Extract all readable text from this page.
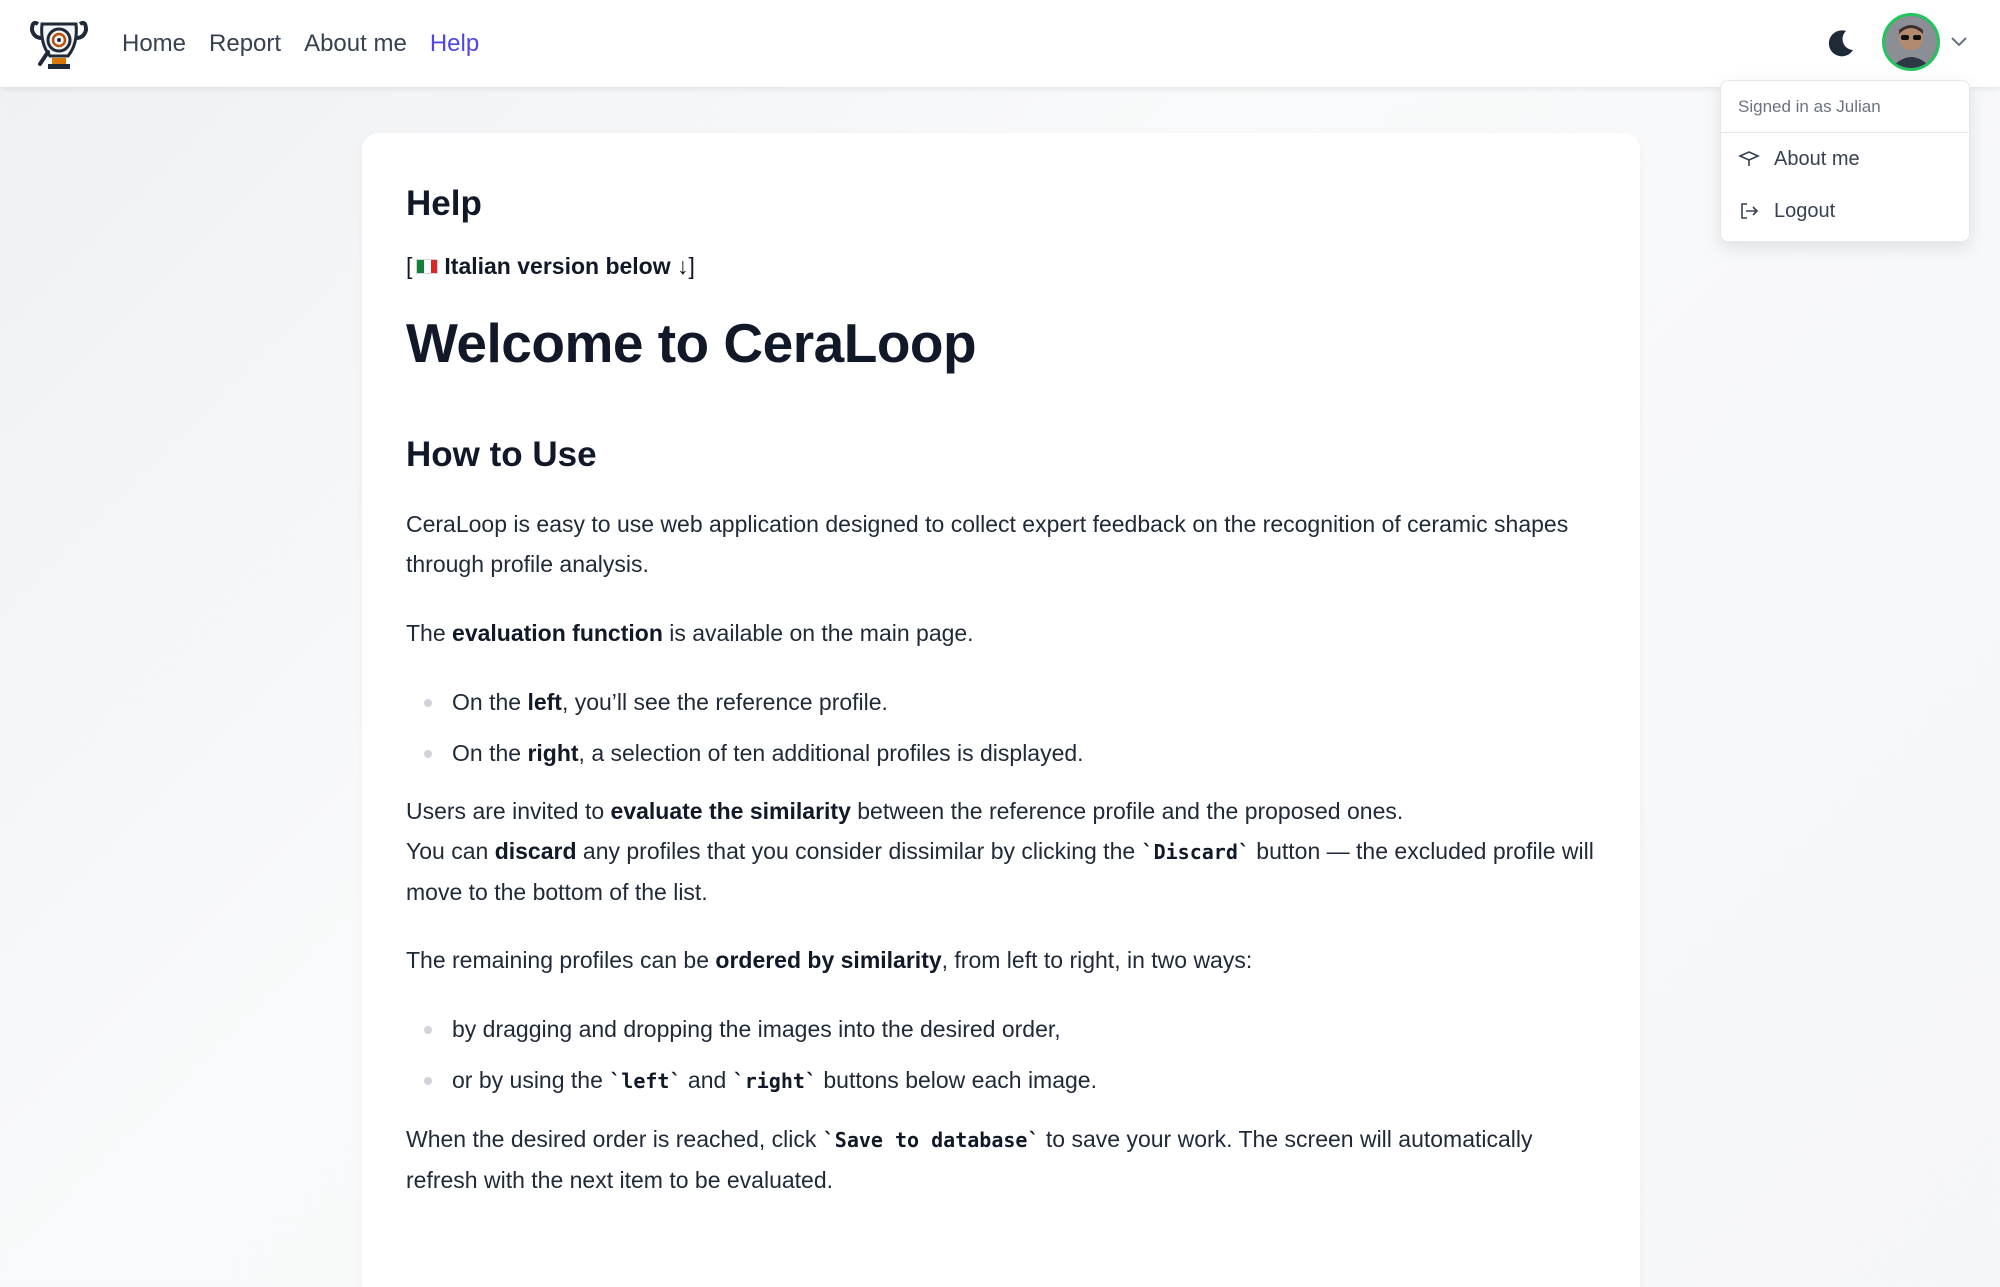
Home Report About me Help
Signed in as Julian
About me
Logout
Help
[ Italian version below ↓ ]
Welcome to CeraLoop
How to Use

CeraLoop is easy to use web application designed to collect expert feedback on the recognition of ceramic shapes through profile analysis.

The evaluation function is available on the main page.

On the left, you’ll see the reference profile.
On the right, a selection of ten additional profiles is displayed.

Users are invited to evaluate the similarity between the reference profile and the proposed ones.
You can discard any profiles that you consider dissimilar by clicking the `Discard` button — the excluded profile will move to the bottom of the list.

The remaining profiles can be ordered by similarity, from left to right, in two ways:

by dragging and dropping the images into the desired order,
or by using the `left` and `right` buttons below each image.

When the desired order is reached, click `Save to database` to save your work. The screen will automatically refresh with the next item to be evaluated.
